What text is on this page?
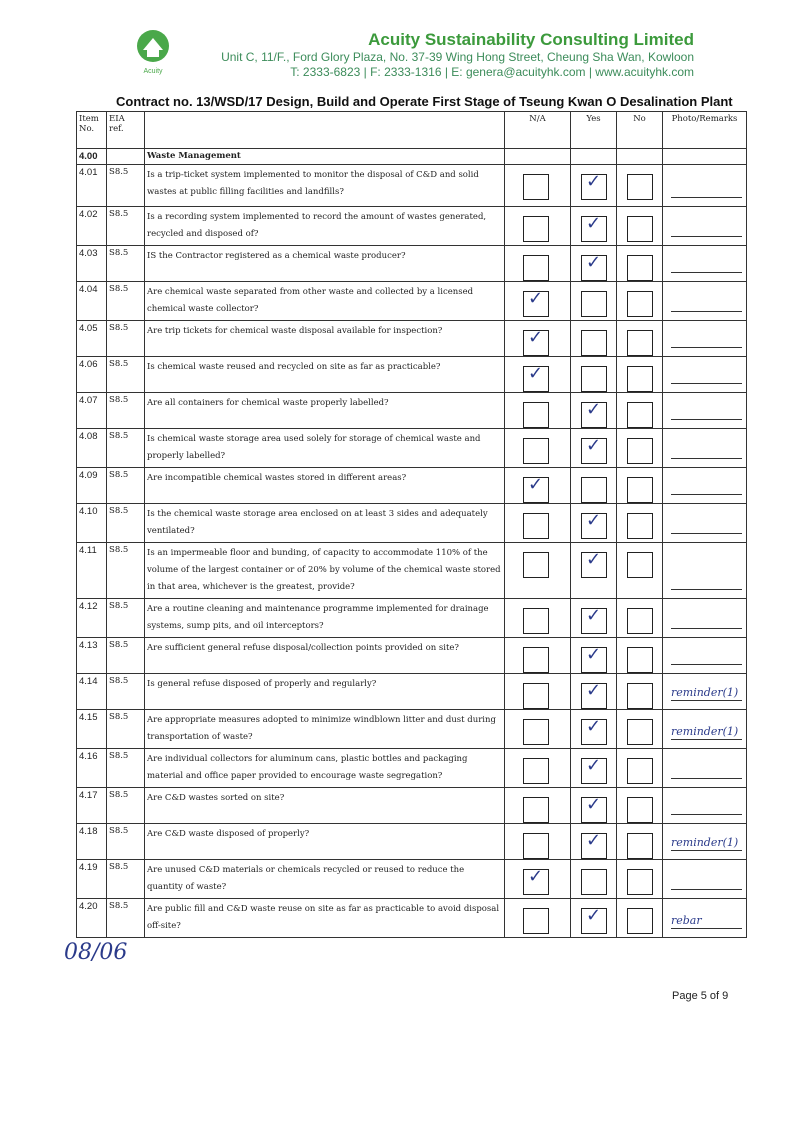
Acuity
Acuity Sustainability Consulting Limited
Unit C, 11/F., Ford Glory Plaza, No. 37-39 Wing Hong Street, Cheung Sha Wan, Kowloon
T: 2333-6823 | F: 2333-1316 | E: genera@acuityhk.com | www.acuityhk.com
Contract no. 13/WSD/17 Design, Build and Operate First Stage of Tseung Kwan O Desalination Plant
Item No.	EIA ref.		N/A	Yes	No	Photo/Remarks
4.00		Waste Management				
4.01	S8.5	Is a trip-ticket system implemented to monitor the disposal of C&D and solid wastes at public filling facilities and landfills?		✓		

4.02	S8.5	Is a recording system implemented to record the amount of wastes generated, recycled and disposed of?		✓		

4.03	S8.5	IS the Contractor registered as a chemical waste producer?		✓		

4.04	S8.5	Are chemical waste separated from other waste and collected by a licensed chemical waste collector?	✓			

4.05	S8.5	Are trip tickets for chemical waste disposal available for inspection?	✓			

4.06	S8.5	Is chemical waste reused and recycled on site as far as practicable?	✓			

4.07	S8.5	Are all containers for chemical waste properly labelled?		✓		

4.08	S8.5	Is chemical waste storage area used solely for storage of chemical waste and properly labelled?		✓		

4.09	S8.5	Are incompatible chemical wastes stored in different areas?	✓			

4.10	S8.5	Is the chemical waste storage area enclosed on at least 3 sides and adequately ventilated?		✓		

4.11	S8.5	Is an impermeable floor and bunding, of capacity to accommodate 110% of the volume of the largest container or of 20% by volume of the chemical waste stored in that area, whichever is the greatest, provide?		✓		

4.12	S8.5	Are a routine cleaning and maintenance programme implemented for drainage systems, sump pits, and oil interceptors?		✓		

4.13	S8.5	Are sufficient general refuse disposal/collection points provided on site?		✓		

4.14	S8.5	Is general refuse disposed of properly and regularly?		✓		reminder(1)

4.15	S8.5	Are appropriate measures adopted to minimize windblown litter and dust during transportation of waste?		✓		reminder(1)

4.16	S8.5	Are individual collectors for aluminum cans, plastic bottles and packaging material and office paper provided to encourage waste segregation?		✓		

4.17	S8.5	Are C&D wastes sorted on site?		✓		

4.18	S8.5	Are C&D waste disposed of properly?		✓		reminder(1)

4.19	S8.5	Are unused C&D materials or chemicals recycled or reused to reduce the quantity of waste?	✓			

4.20	S8.5	Are public fill and C&D waste reuse on site as far as practicable to avoid disposal off-site?		✓		rebar
08/06
Page 5 of 9
